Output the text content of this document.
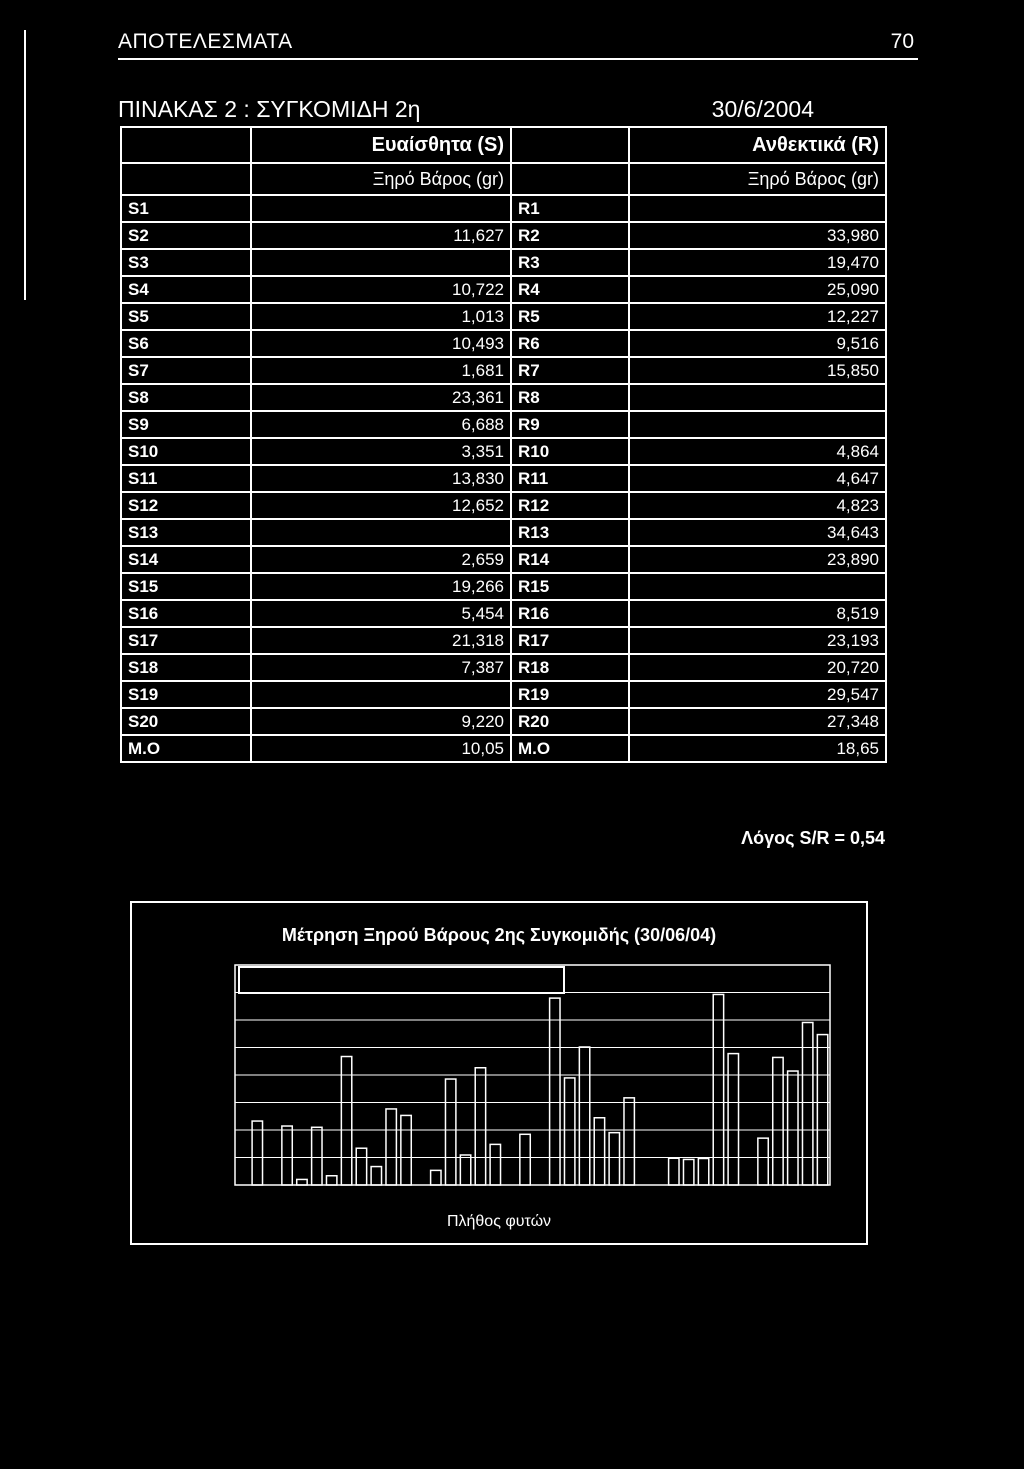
ΑΠΟΤΕΛΕΣΜΑΤΑ	70
ΠΙΝΑΚΑΣ 2 : ΣΥΓΚΟΜΙΔΗ 2η	30/6/2004
	Ευαίσθητα (S)		Ανθεκτικά (R)
	Ξηρό Βάρος (gr)		Ξηρό Βάρος (gr)
S1		R1	
S2	11,627	R2	33,980
S3		R3	19,470
S4	10,722	R4	25,090
S5	1,013	R5	12,227
S6	10,493	R6	9,516
S7	1,681	R7	15,850
S8	23,361	R8	
S9	6,688	R9	
S10	3,351	R10	4,864
S11	13,830	R11	4,647
S12	12,652	R12	4,823
S13		R13	34,643
S14	2,659	R14	23,890
S15	19,266	R15	
S16	5,454	R16	8,519
S17	21,318	R17	23,193
S18	7,387	R18	20,720
S19		R19	29,547
S20	9,220	R20	27,348
Μ.Ο	10,05	Μ.Ο	18,65
Λόγος S/R = 0,54
Μέτρηση Ξηρού Βάρους 2ης Συγκομιδής (30/06/04)
Πλήθος φυτών
